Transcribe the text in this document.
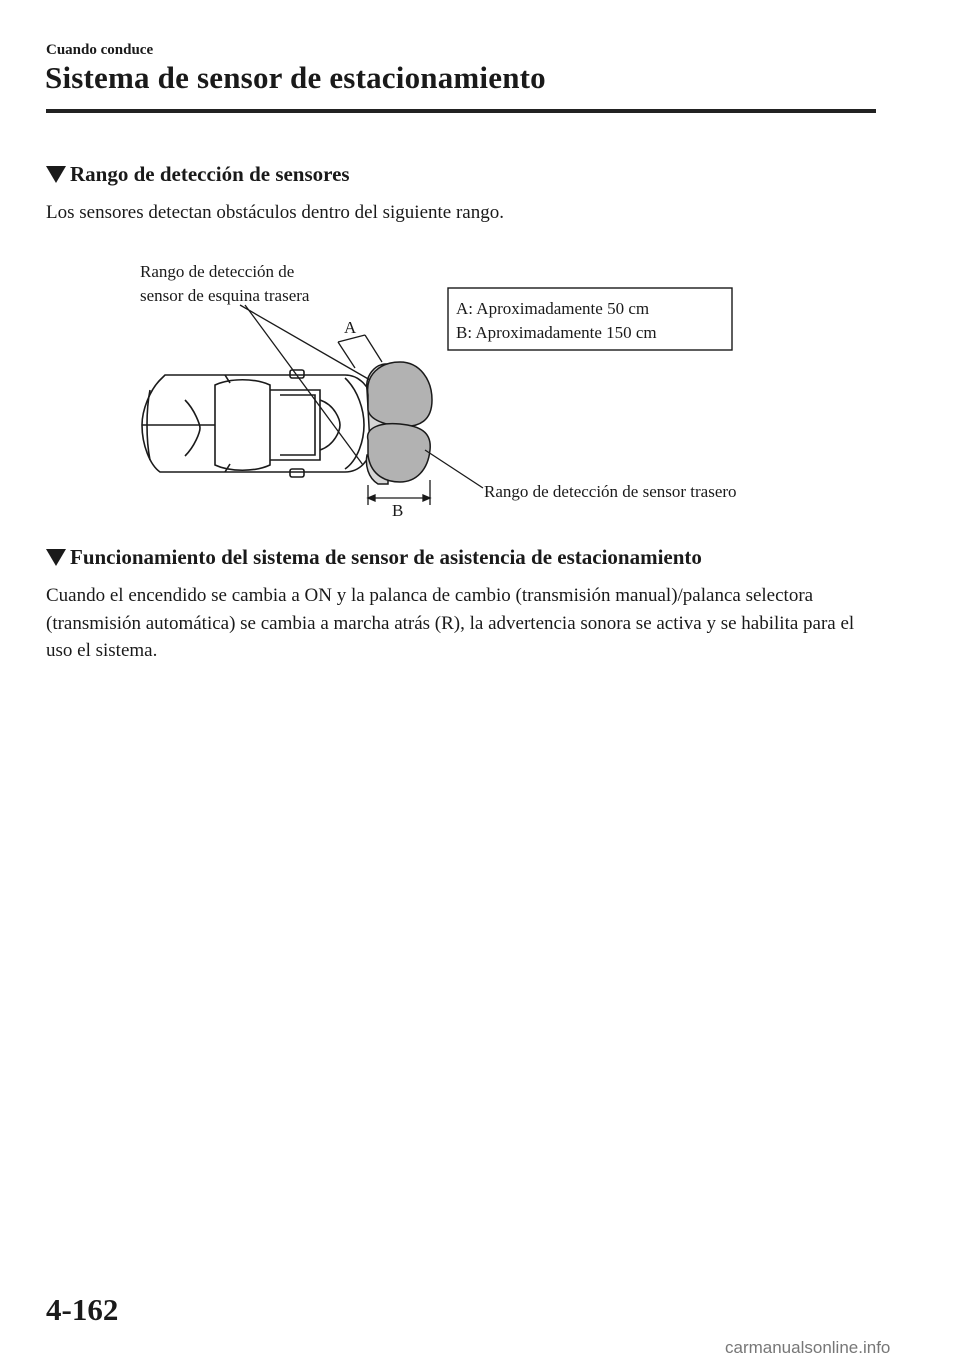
Cuando conduce
Sistema de sensor de estacionamiento
Rango de detección de sensores
Los sensores detectan obstáculos dentro del siguiente rango.
A: Aproximadamente 50 cm
B: Aproximadamente 150 cm
Rango de detección de
sensor de esquina trasera
A
B
Rango de detección de sensor trasero
Funcionamiento del sistema de sensor de asistencia de estacionamiento
Cuando el encendido se cambia a ON y la palanca de cambio (transmisión manual)/palanca selectora (transmisión automática) se cambia a marcha atrás (R), la advertencia sonora se activa y se habilita para el uso el sistema.
4-162
carmanualsonline.info
